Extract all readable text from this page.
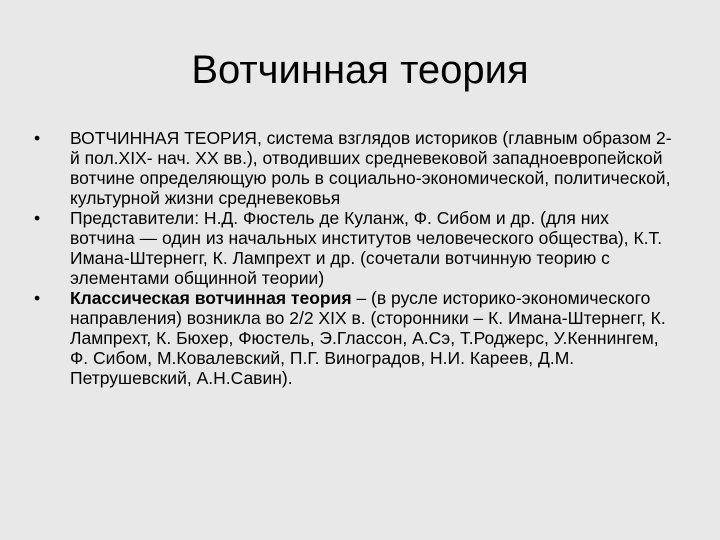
Вотчинная теория
•	ВОТЧИННАЯ ТЕОРИЯ, система взглядов историков (главным образом 2-й пол.XIX- нач. XX вв.), отводивших средневековой западноевропейской вотчине определяющую роль в социально-экономической, политической, культурной жизни средневековья
•	Представители: Н.Д. Фюстель де Куланж, Ф. Сибом и др. (для них вотчина — один из начальных институтов человеческого общества), К.Т. Имана-Штернегг, К. Лампрехт и др. (сочетали вотчинную теорию с элементами общинной теории)
•	Классическая вотчинная теория – (в русле историко-экономического направления) возникла во 2/2 XIX в. (сторонники – К. Имана-Штернегг, К. Лампрехт, К. Бюхер, Фюстель, Э.Глассон, А.Сэ, Т.Роджерс, У.Кеннингем, Ф. Сибом, М.Ковалевский, П.Г. Виноградов, Н.И. Кареев, Д.М. Петрушевский, А.Н.Савин).
